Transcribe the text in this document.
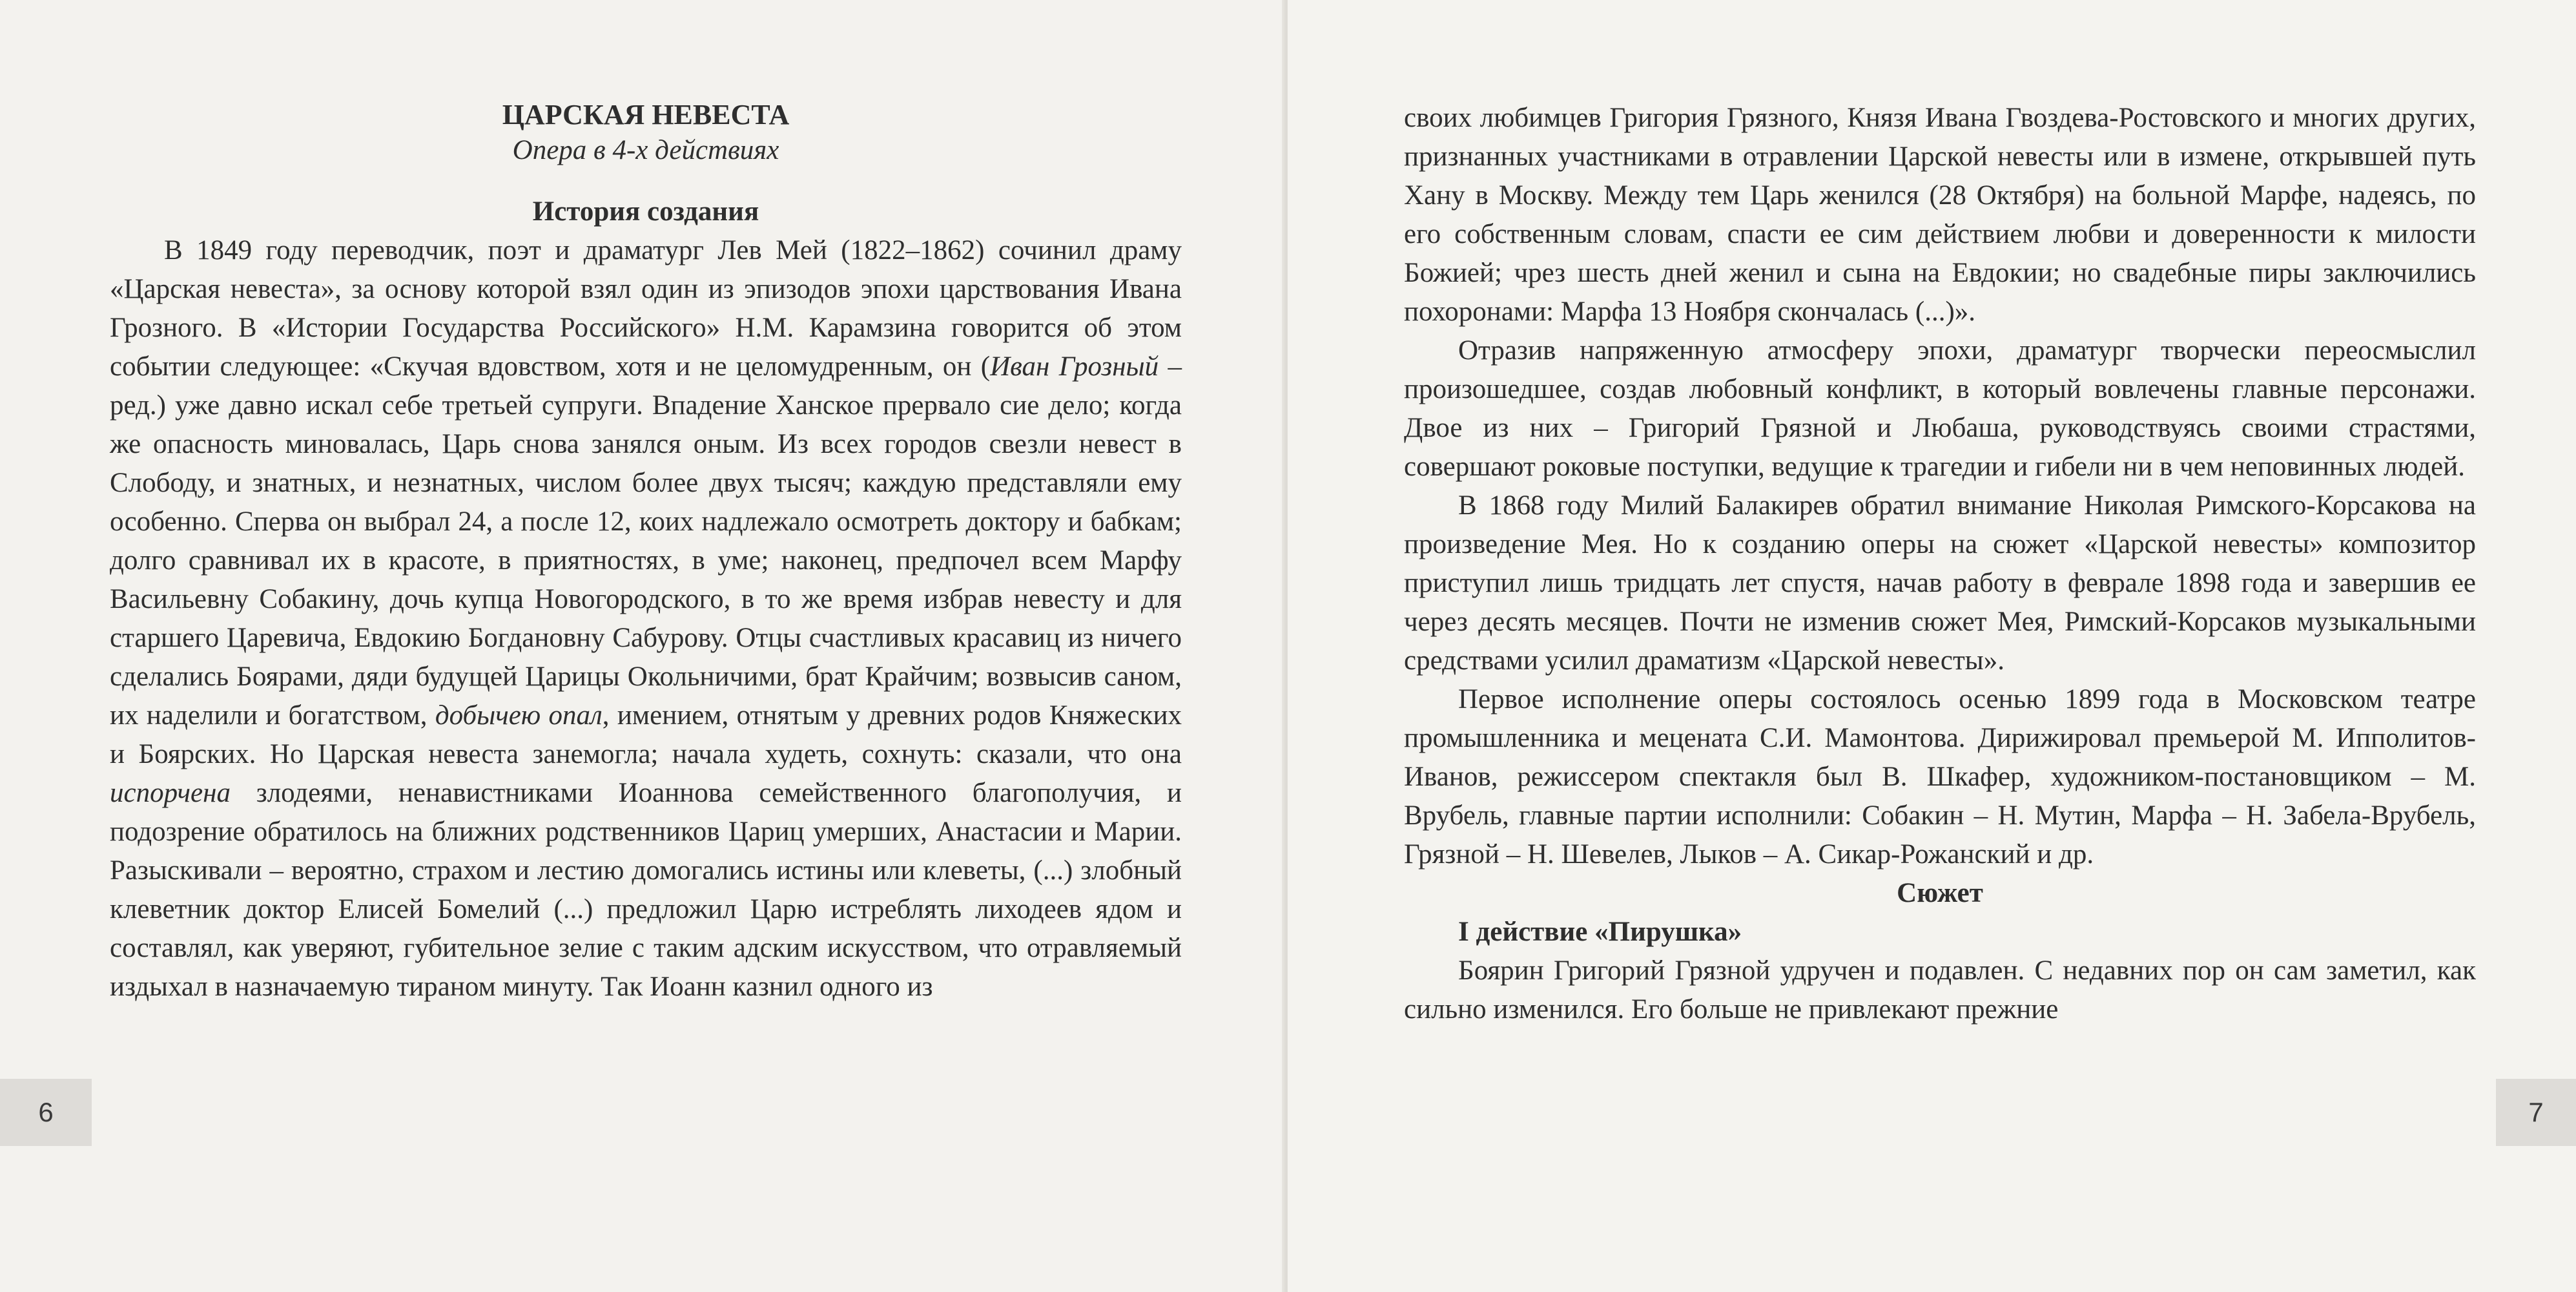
ЦАРСКАЯ НЕВЕСТА
Опера в 4-х действиях
История создания

В 1849 году переводчик, поэт и драматург Лев Мей (1822–1862) сочинил драму «Царская невеста», за основу которой взял один из эпизодов эпохи царствования Ивана Грозного. В «Истории Государства Российского» Н.М. Карамзина говорится об этом событии следующее: «Скучая вдовством, хотя и не целомудренным, он (Иван Грозный – ред.) уже давно искал себе третьей супруги. Впадение Ханское прервало сие дело; когда же опасность миновалась, Царь снова занялся оным. Из всех городов свезли невест в Слободу, и знатных, и незнатных, числом более двух тысяч; каждую представляли ему особенно. Сперва он выбрал 24, а после 12, коих надлежало осмотреть доктору и бабкам; долго сравнивал их в красоте, в приятностях, в уме; наконец, предпочел всем Марфу Васильевну Собакину, дочь купца Новогородского, в то же время избрав невесту и для старшего Царевича, Евдокию Богдановну Сабурову. Отцы счастливых красавиц из ничего сделались Боярами, дяди будущей Царицы Окольничими, брат Крайчим; возвысив саном, их наделили и богатством, добычею опал, имением, отнятым у древних родов Княжеских и Боярских. Но Царская невеста занемогла; начала худеть, сохнуть: сказали, что она испорчена злодеями, ненавистниками Иоаннова семейственного благополучия, и подозрение обратилось на ближних родственников Цариц умерших, Анастасии и Марии. Разыскивали – вероятно, страхом и лестию домогались истины или клеветы, (...) злобный клеветник доктор Елисей Бомелий (...) предложил Царю истреблять лиходеев ядом и составлял, как уверяют, губительное зелие с таким адским искусством, что отравляемый издыхал в назначаемую тираном минуту. Так Иоанн казнил одного из

своих любимцев Григория Грязного, Князя Ивана Гвоздева-Ростовского и многих других, признанных участниками в отравлении Царской невесты или в измене, открывшей путь Хану в Москву. Между тем Царь женился (28 Октября) на больной Марфе, надеясь, по его собственным словам, спасти ее сим действием любви и доверенности к милости Божией; чрез шесть дней женил и сына на Евдокии; но свадебные пиры заключились похоронами: Марфа 13 Ноября скончалась (...)».

Отразив напряженную атмосферу эпохи, драматург творчески переосмыслил произошедшее, создав любовный конфликт, в который вовлечены главные персонажи. Двое из них – Григорий Грязной и Любаша, руководствуясь своими страстями, совершают роковые поступки, ведущие к трагедии и гибели ни в чем неповинных людей.

В 1868 году Милий Балакирев обратил внимание Николая Римского-Корсакова на произведение Мея. Но к созданию оперы на сюжет «Царской невесты» композитор приступил лишь тридцать лет спустя, начав работу в феврале 1898 года и завершив ее через десять месяцев. Почти не изменив сюжет Мея, Римский-Корсаков музыкальными средствами усилил драматизм «Царской невесты».

Первое исполнение оперы состоялось осенью 1899 года в Московском театре промышленника и мецената С.И. Мамонтова. Дирижировал премьерой М. Ипполитов-Иванов, режиссером спектакля был В. Шкафер, художником-постановщиком – М. Врубель, главные партии исполнили: Собакин – Н. Мутин, Марфа – Н. Забела-Врубель, Грязной – Н. Шевелев, Лыков – А. Сикар-Рожанский и др.

Сюжет
I действие «Пирушка»

Боярин Григорий Грязной удручен и подавлен. С недавних пор он сам заметил, как сильно изменился. Его больше не привлекают прежние

6	7
